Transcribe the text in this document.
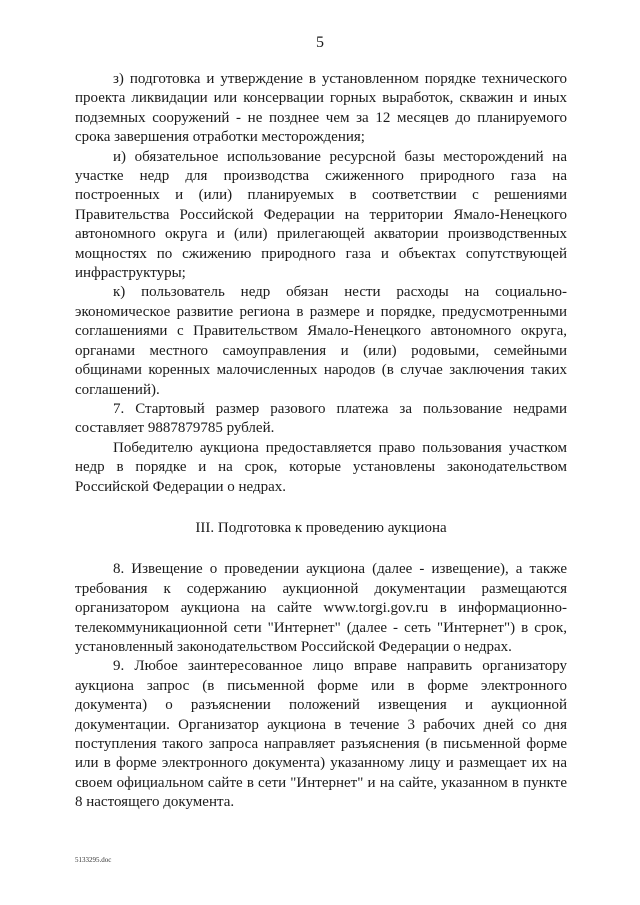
5

з) подготовка и утверждение в установленном порядке технического проекта ликвидации или консервации горных выработок, скважин и иных подземных сооружений - не позднее чем за 12 месяцев до планируемого срока завершения отработки месторождения;

и) обязательное использование ресурсной базы месторождений на участке недр для производства сжиженного природного газа на построенных и (или) планируемых в соответствии с решениями Правительства Российской Федерации на территории Ямало-Ненецкого автономного округа и (или) прилегающей акватории производственных мощностях по сжижению природного газа и объектах сопутствующей инфраструктуры;

к) пользователь недр обязан нести расходы на социально-экономическое развитие региона в размере и порядке, предусмотренными соглашениями с Правительством Ямало-Ненецкого автономного округа, органами местного самоуправления и (или) родовыми, семейными общинами коренных малочисленных народов (в случае заключения таких соглашений).

7. Стартовый размер разового платежа за пользование недрами составляет 9887879785 рублей.

Победителю аукциона предоставляется право пользования участком недр в порядке и на срок, которые установлены законодательством Российской Федерации о недрах.

III. Подготовка к проведению аукциона

8. Извещение о проведении аукциона (далее - извещение), а также требования к содержанию аукционной документации размещаются организатором аукциона на сайте www.torgi.gov.ru в информационно-телекоммуникационной сети "Интернет" (далее - сеть "Интернет") в срок, установленный законодательством Российской Федерации о недрах.

9. Любое заинтересованное лицо вправе направить организатору аукциона запрос (в письменной форме или в форме электронного документа) о разъяснении положений извещения и аукционной документации. Организатор аукциона в течение 3 рабочих дней со дня поступления такого запроса направляет разъяснения (в письменной форме или в форме электронного документа) указанному лицу и размещает их на своем официальном сайте в сети "Интернет" и на сайте, указанном в пункте 8 настоящего документа.

5133295.doc
